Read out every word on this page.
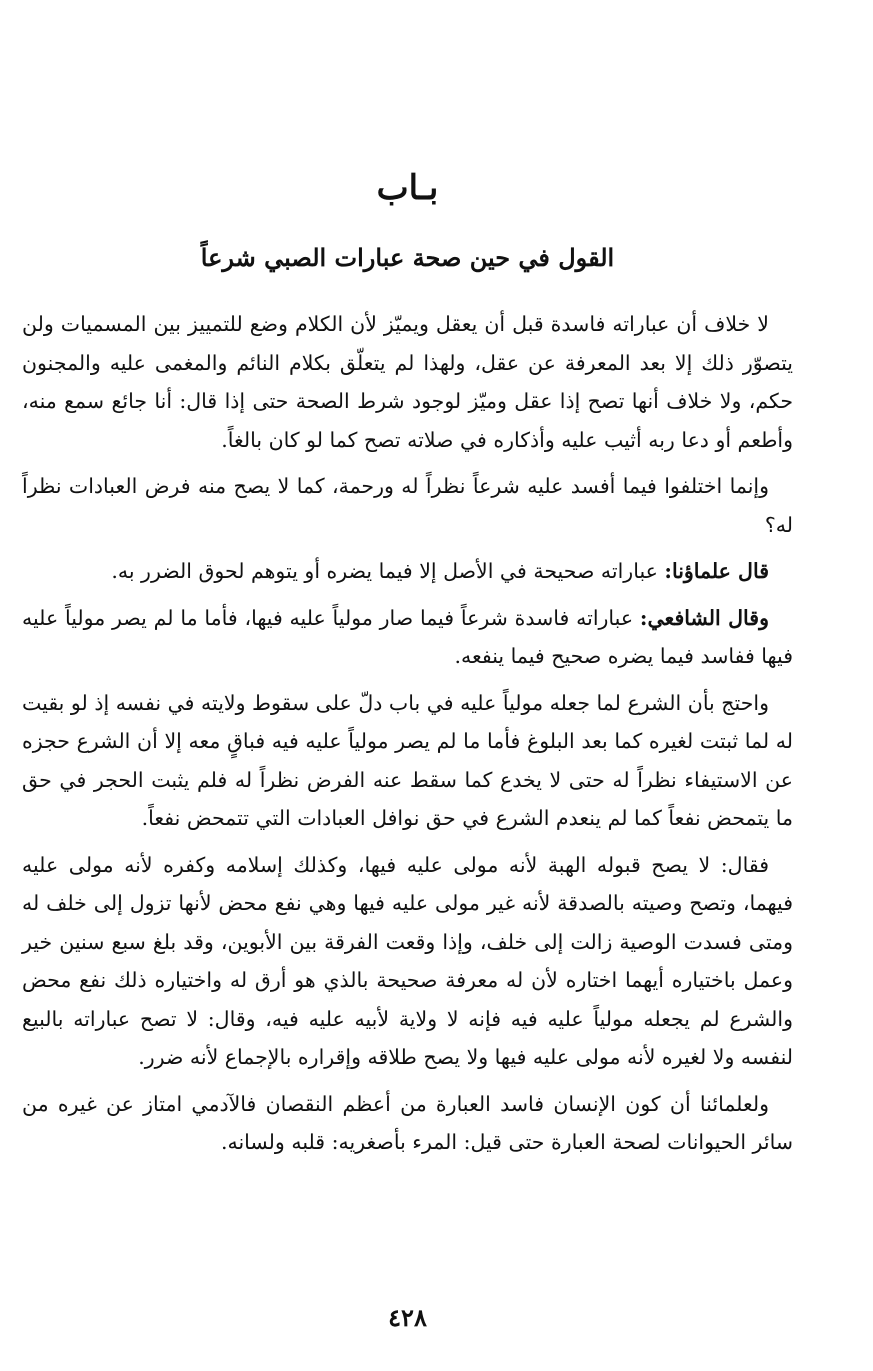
بـاب
القول في حين صحة عبارات الصبي شرعاً

لا خلاف أن عباراته فاسدة قبل أن يعقل ويميّز لأن الكلام وضع للتمييز بين المسميات ولن يتصوّر ذلك إلا بعد المعرفة عن عقل، ولهذا لم يتعلّق بكلام النائم والمغمى عليه والمجنون حكم، ولا خلاف أنها تصح إذا عقل وميّز لوجود شرط الصحة حتى إذا قال: أنا جائع سمع منه، وأطعم أو دعا ربه أثيب عليه وأذكاره في صلاته تصح كما لو كان بالغاً.

وإنما اختلفوا فيما أفسد عليه شرعاً نظراً له ورحمة، كما لا يصح منه فرض العبادات نظراً له؟

قال علماؤنا: عباراته صحيحة في الأصل إلا فيما يضره أو يتوهم لحوق الضرر به.

وقال الشافعي: عباراته فاسدة شرعاً فيما صار مولياً عليه فيها، فأما ما لم يصر مولياً عليه فيها ففاسد فيما يضره صحيح فيما ينفعه.

واحتج بأن الشرع لما جعله مولياً عليه في باب دلّ على سقوط ولايته في نفسه إذ لو بقيت له لما ثبتت لغيره كما بعد البلوغ فأما ما لم يصر مولياً عليه فيه فباقٍ معه إلا أن الشرع حجزه عن الاستيفاء نظراً له حتى لا يخدع كما سقط عنه الفرض نظراً له فلم يثبت الحجر في حق ما يتمحض نفعاً كما لم ينعدم الشرع في حق نوافل العبادات التي تتمحض نفعاً.

فقال: لا يصح قبوله الهبة لأنه مولى عليه فيها، وكذلك إسلامه وكفره لأنه مولى عليه فيهما، وتصح وصيته بالصدقة لأنه غير مولى عليه فيها وهي نفع محض لأنها تزول إلى خلف له ومتى فسدت الوصية زالت إلى خلف، وإذا وقعت الفرقة بين الأبوين، وقد بلغ سبع سنين خير وعمل باختياره أيهما اختاره لأن له معرفة صحيحة بالذي هو أرق له واختياره ذلك نفع محض والشرع لم يجعله مولياً عليه فيه فإنه لا ولاية لأبيه عليه فيه، وقال: لا تصح عباراته بالبيع لنفسه ولا لغيره لأنه مولى عليه فيها ولا يصح طلاقه وإقراره بالإجماع لأنه ضرر.

ولعلمائنا أن كون الإنسان فاسد العبارة من أعظم النقصان فالآدمي امتاز عن غيره من سائر الحيوانات لصحة العبارة حتى قيل: المرء بأصغريه: قلبه ولسانه.

٤٢٨
